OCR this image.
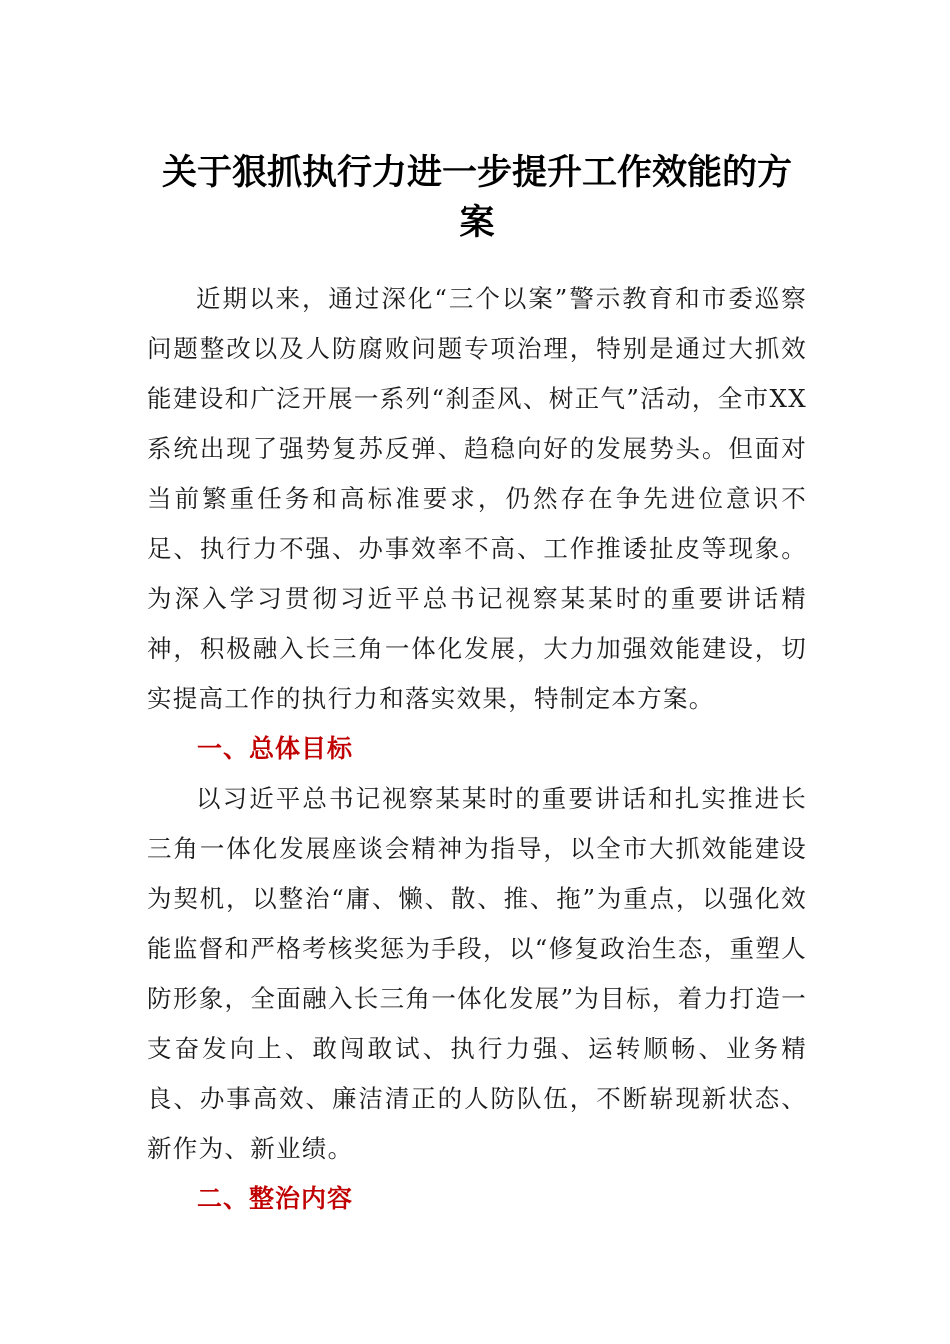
关于狠抓执行力进一步提升工作效能的方案

近期以来，通过深化“三个以案”警示教育和市委巡察问题整改以及人防腐败问题专项治理，特别是通过大抓效能建设和广泛开展一系列“刹歪风、树正气”活动，全市XX系统出现了强势复苏反弹、趋稳向好的发展势头。但面对当前繁重任务和高标准要求，仍然存在争先进位意识不足、执行力不强、办事效率不高、工作推诿扯皮等现象。为深入学习贯彻习近平总书记视察某某时的重要讲话精神，积极融入长三角一体化发展，大力加强效能建设，切实提高工作的执行力和落实效果，特制定本方案。

一、总体目标

以习近平总书记视察某某时的重要讲话和扎实推进长三角一体化发展座谈会精神为指导，以全市大抓效能建设为契机，以整治“庸、懒、散、推、拖”为重点，以强化效能监督和严格考核奖惩为手段，以“修复政治生态，重塑人防形象，全面融入长三角一体化发展”为目标，着力打造一支奋发向上、敢闯敢试、执行力强、运转顺畅、业务精良、办事高效、廉洁清正的人防队伍，不断崭现新状态、新作为、新业绩。

二、整治内容
